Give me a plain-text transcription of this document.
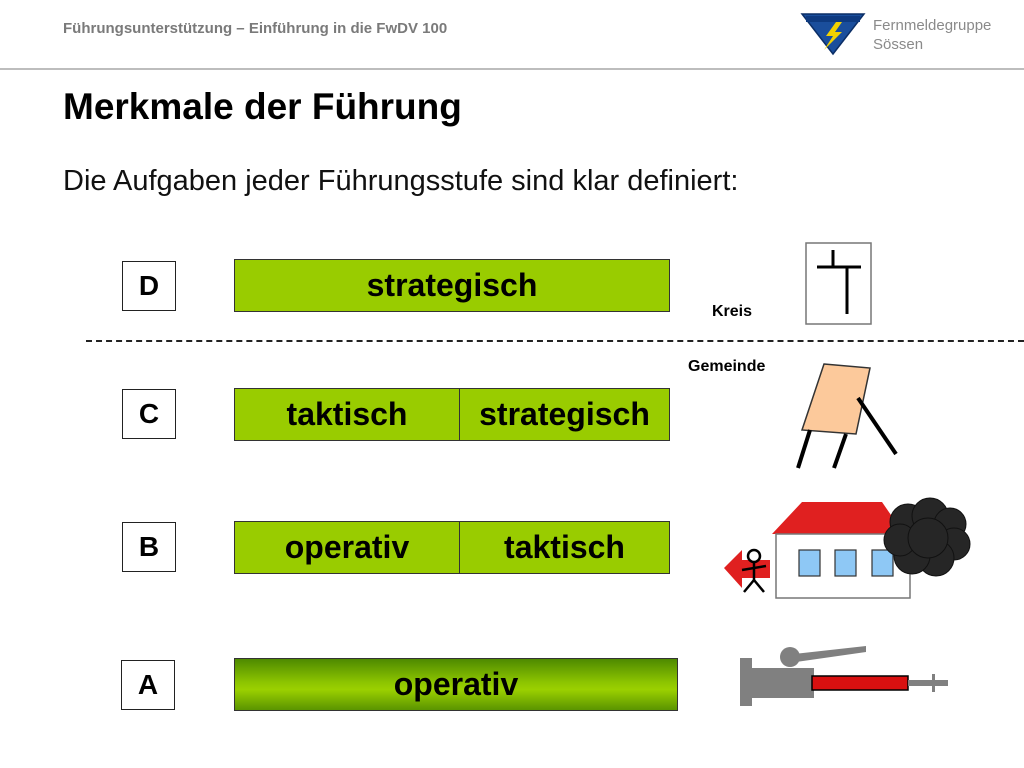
Führungsunterstützung – Einführung in die FwDV 100	Fernmeldegruppe
Sössen
Merkmale der Führung
Die Aufgaben jeder Führungsstufe sind klar definiert:
D	strategisch
Kreis
Gemeinde
C	taktisch	strategisch
B	operativ	taktisch
A	operativ
